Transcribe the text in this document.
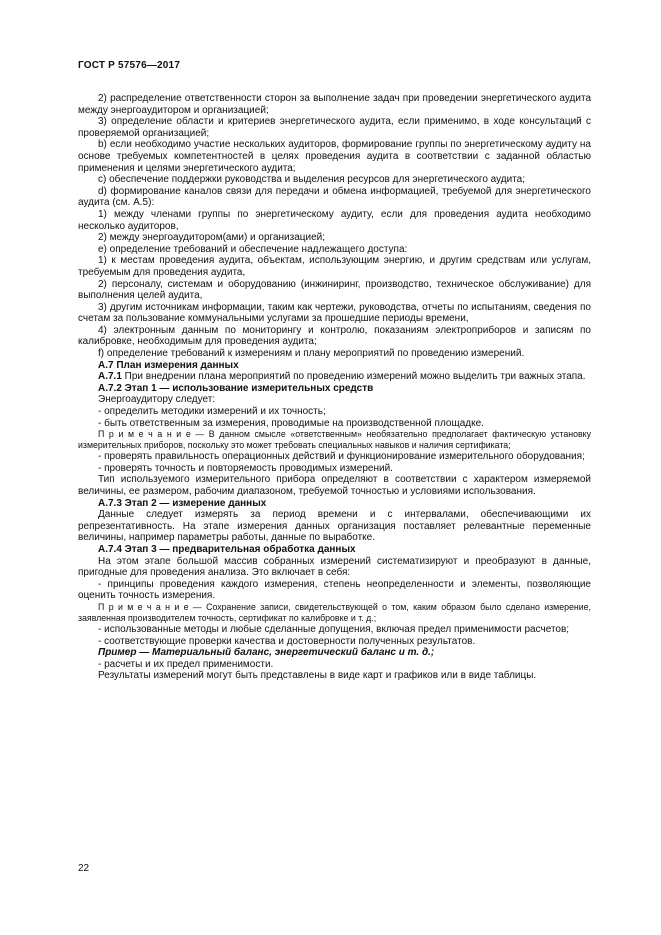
ГОСТ Р 57576—2017

2) распределение ответственности сторон за выполнение задач при проведении энергетического аудита между энергоаудитором и организацией;

3) определение области и критериев энергетического аудита, если применимо, в ходе консультаций с проверяемой организацией;

b) если необходимо участие нескольких аудиторов, формирование группы по энергетическому аудиту на основе требуемых компетентностей в целях проведения аудита в соответствии с заданной областью применения и целями энергетического аудита;

c) обеспечение поддержки руководства и выделения ресурсов для энергетического аудита;

d) формирование каналов связи для передачи и обмена информацией, требуемой для энергетического аудита (см. А.5):

1) между членами группы по энергетическому аудиту, если для проведения аудита необходимо несколько аудиторов,

2) между энергоаудитором(ами) и организацией;

e) определение требований и обеспечение надлежащего доступа:

1) к местам проведения аудита, объектам, использующим энергию, и другим средствам или услугам, требуемым для проведения аудита,

2) персоналу, системам и оборудованию (инжиниринг, производство, техническое обслуживание) для выполнения целей аудита,

3) другим источникам информации, таким как чертежи, руководства, отчеты по испытаниям, сведения по счетам за пользование коммунальными услугами за прошедшие периоды времени,

4) электронным данным по мониторингу и контролю, показаниям электроприборов и записям по калибровке, необходимым для проведения аудита;

f) определение требований к измерениям и плану мероприятий по проведению измерений.

А.7 План измерения данных

А.7.1 При внедрении плана мероприятий по проведению измерений можно выделить три важных этапа.

А.7.2 Этап 1 — использование измерительных средств

Энергоаудитору следует:

- определить методики измерений и их точность;

- быть ответственным за измерения, проводимые на производственной площадке.

П р и м е ч а н и е — В данном смысле «ответственным» необязательно предполагает фактическую установку измерительных приборов, поскольку это может требовать специальных навыков и наличия сертификата;

- проверять правильность операционных действий и функционирование измерительного оборудования;

- проверять точность и повторяемость проводимых измерений.

Тип используемого измерительного прибора определяют в соответствии с характером измеряемой величины, ее размером, рабочим диапазоном, требуемой точностью и условиями использования.

А.7.3 Этап 2 — измерение данных

Данные следует измерять за период времени и с интервалами, обеспечивающими их репрезентативность. На этапе измерения данных организация поставляет релевантные переменные величины, например параметры работы, данные по выработке.

А.7.4 Этап 3 — предварительная обработка данных

На этом этапе большой массив собранных измерений систематизируют и преобразуют в данные, пригодные для проведения анализа. Это включает в себя:

- принципы проведения каждого измерения, степень неопределенности и элементы, позволяющие оценить точность измерения.

П р и м е ч а н и е — Сохранение записи, свидетельствующей о том, каким образом было сделано измерение, заявленная производителем точность, сертификат по калибровке и т. д.;

- использованные методы и любые сделанные допущения, включая предел применимости расчетов;

- соответствующие проверки качества и достоверности полученных результатов.

Пример — Материальный баланс, энергетический баланс и т. д.;

- расчеты и их предел применимости.

Результаты измерений могут быть представлены в виде карт и графиков или в виде таблицы.

22
